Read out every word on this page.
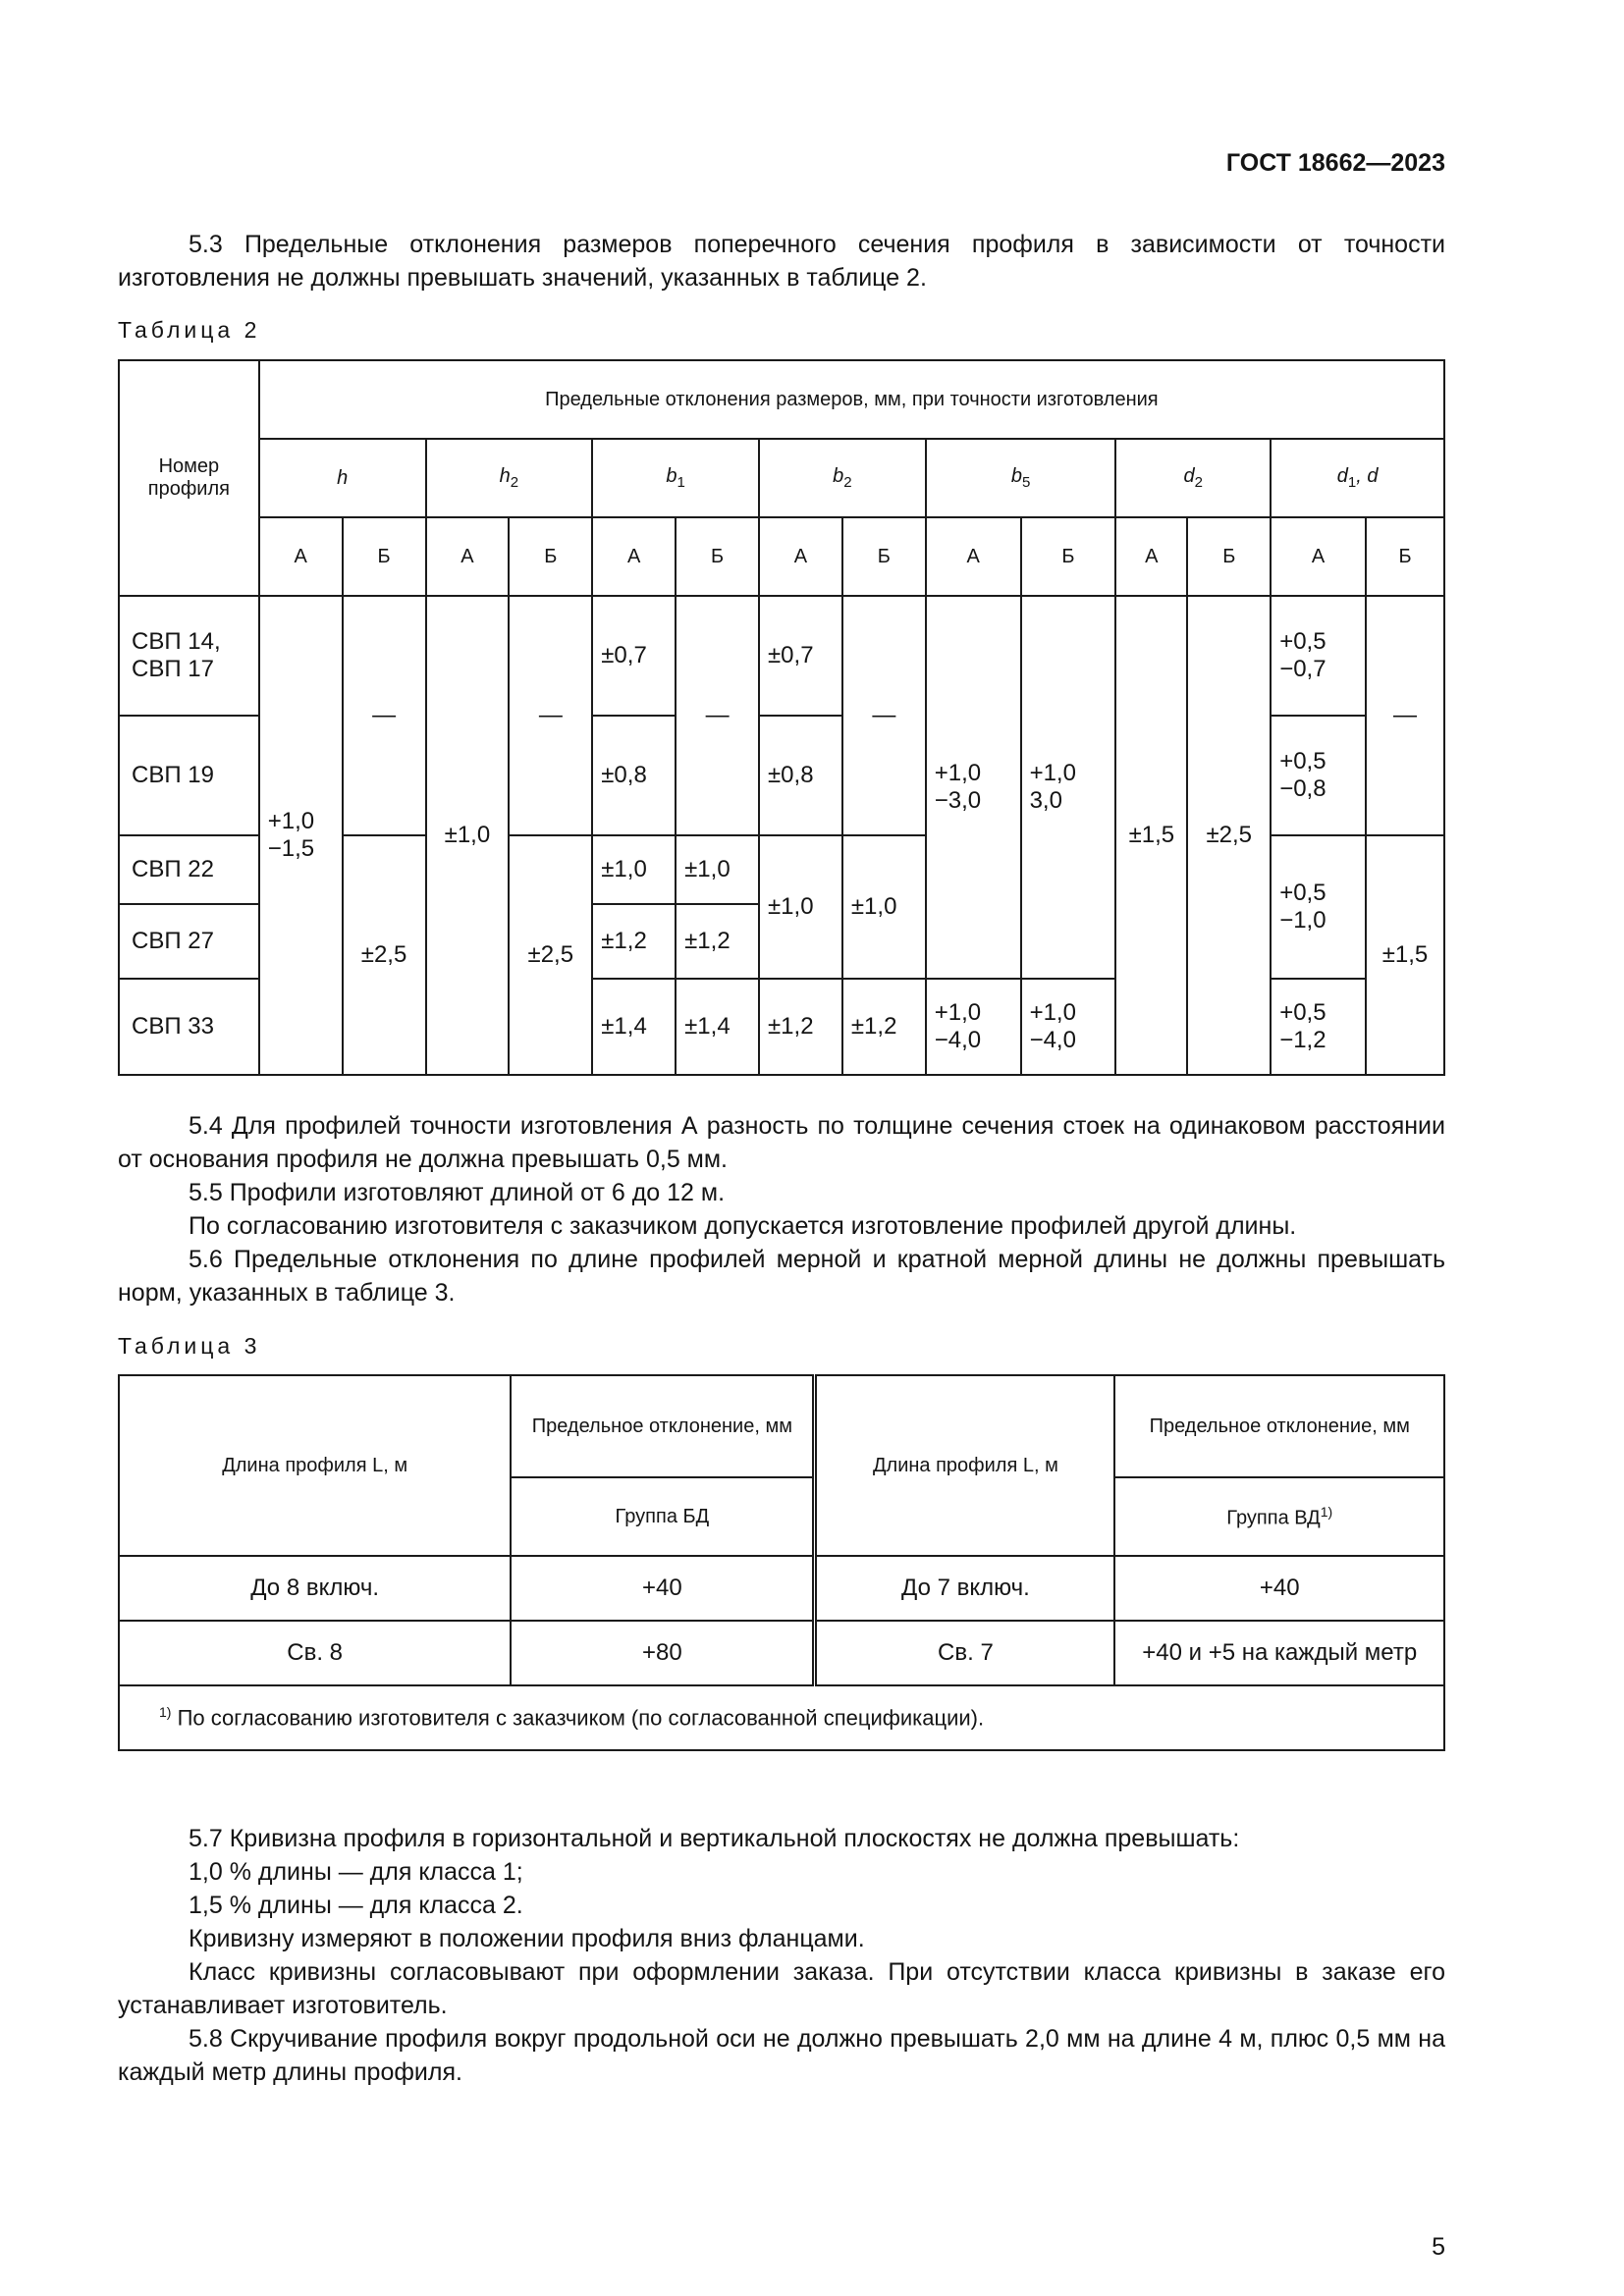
ГОСТ 18662—2023
5.3 Предельные отклонения размеров поперечного сечения профиля в зависимости от точности изготовления не должны превышать значений, указанных в таблице 2.
Таблица 2
Номер профиля	Предельные отклонения размеров, мм, при точности изготовления													
	h		$h_2$		$b_1$		$b_2$		$b_5$		$d_2$		$d_1$, d	
	А	Б	А	Б	А	Б	А	Б	А	Б	А	Б	А	Б
СВП 14, СВП 17	+1,0 −1,5	—	±1,0	—	±0,7	—	±0,7	—	+1,0 −3,0	+1,0 3,0	±1,5	±2,5	+0,5 −0,7	—
СВП 19					±0,8		±0,8						+0,5 −0,8	
СВП 22		±2,5		±2,5	±1,0	±1,0	±1,0	±1,0					+0,5 −1,0	±1,5
СВП 27					±1,2	±1,2								
СВП 33					±1,4	±1,4	±1,2	±1,2	+1,0 −4,0	+1,0 −4,0			+0,5 −1,2	
5.4 Для профилей точности изготовления А разность по толщине сечения стоек на одинаковом расстоянии от основания профиля не должна превышать 0,5 мм.
5.5 Профили изготовляют длиной от 6 до 12 м.
По согласованию изготовителя с заказчиком допускается изготовление профилей другой длины.
5.6 Предельные отклонения по длине профилей мерной и кратной мерной длины не должны превышать норм, указанных в таблице 3.
Таблица 3
Длина профиля L, м	Предельное отклонение, мм	Длина профиля L, м	Предельное отклонение, мм
	Группа БД		Группа ВД$^{1)}$
До 8 включ.	+40	До 7 включ.	+40
Св. 8	+80	Св. 7	+40 и +5 на каждый метр
$^{1)}$ По согласованию изготовителя с заказчиком (по согласованной спецификации).			
5.7 Кривизна профиля в горизонтальной и вертикальной плоскостях не должна превышать:
1,0 % длины — для класса 1;
1,5 % длины — для класса 2.
Кривизну измеряют в положении профиля вниз фланцами.
Класс кривизны согласовывают при оформлении заказа. При отсутствии класса кривизны в заказе его устанавливает изготовитель.
5.8 Скручивание профиля вокруг продольной оси не должно превышать 2,0 мм на длине 4 м, плюс 0,5 мм на каждый метр длины профиля.
5
